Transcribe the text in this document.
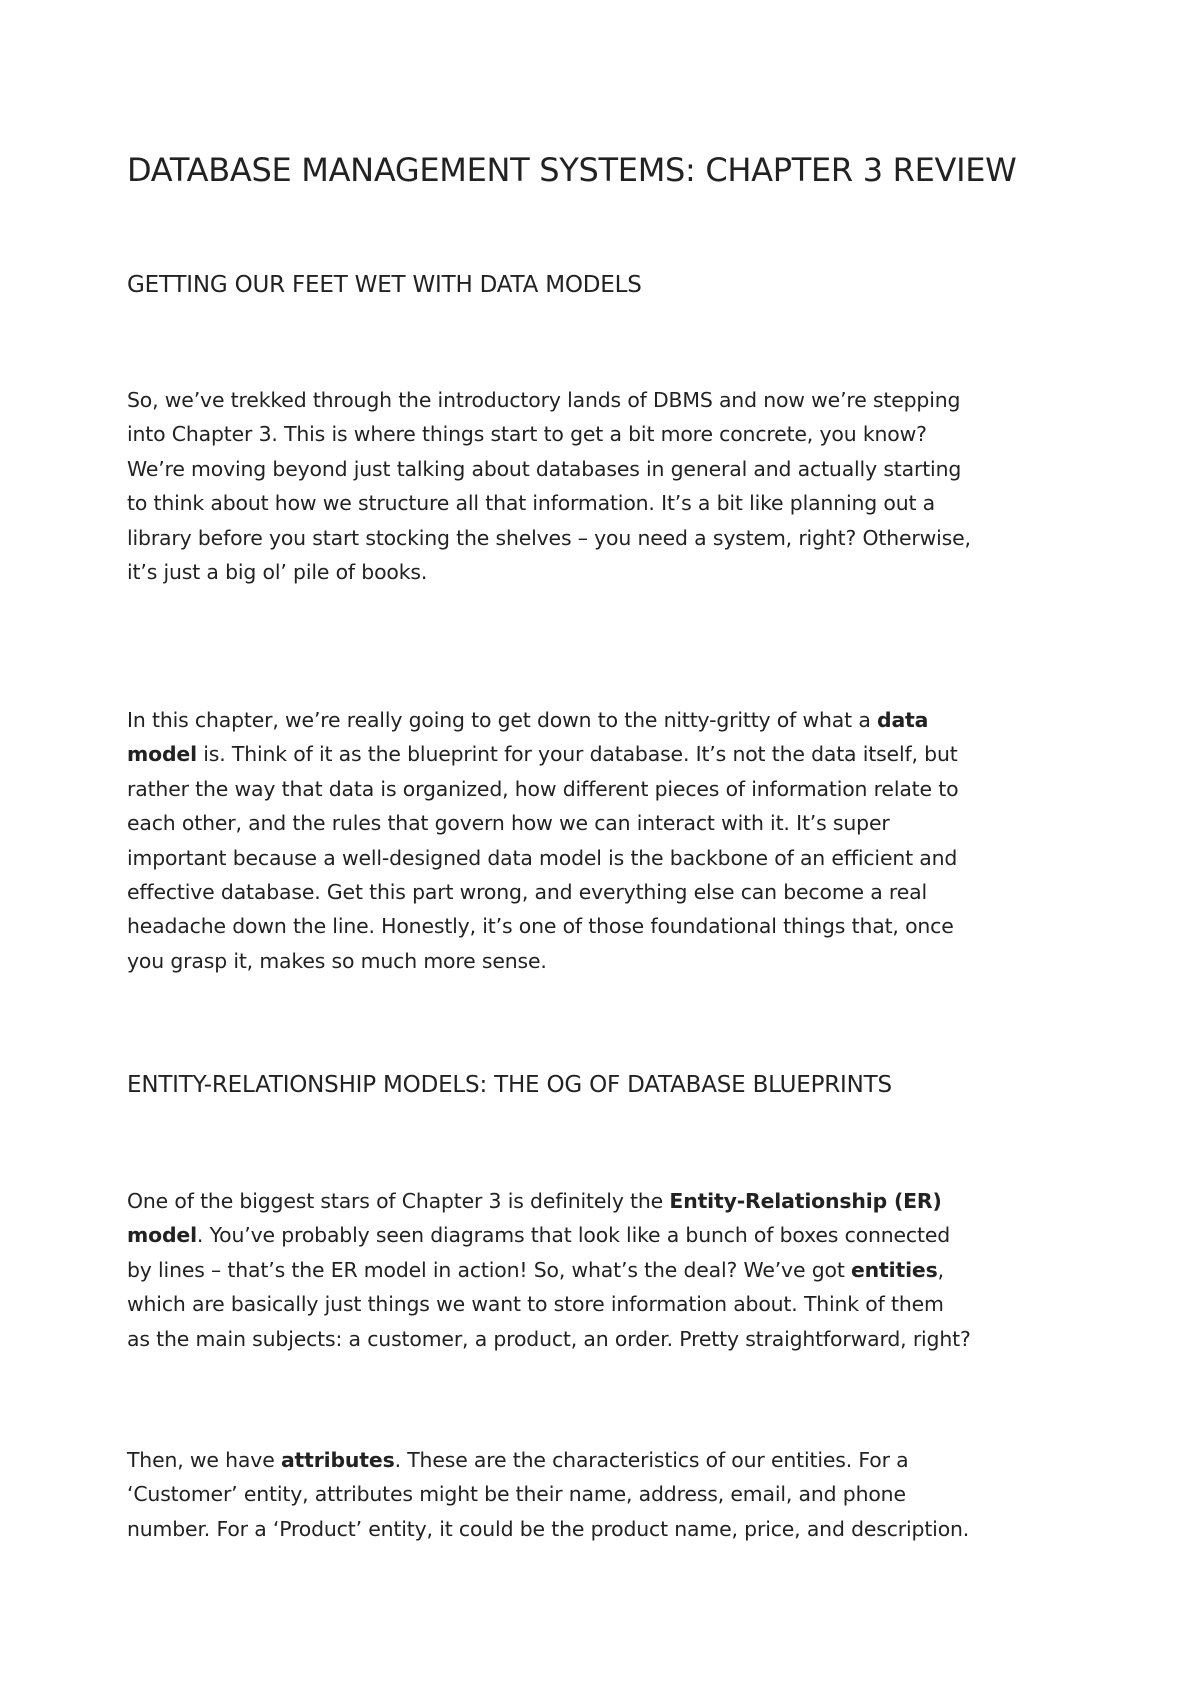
DATABASE MANAGEMENT SYSTEMS: CHAPTER 3 REVIEW
GETTING OUR FEET WET WITH DATA MODELS

So, we’ve trekked through the introductory lands of DBMS and now we’re stepping
into Chapter 3. This is where things start to get a bit more concrete, you know?
We’re moving beyond just talking about databases in general and actually starting
to think about how we structure all that information. It’s a bit like planning out a
library before you start stocking the shelves – you need a system, right? Otherwise,
it’s just a big ol’ pile of books.

In this chapter, we’re really going to get down to the nitty-gritty of what a data
model is. Think of it as the blueprint for your database. It’s not the data itself, but
rather the way that data is organized, how different pieces of information relate to
each other, and the rules that govern how we can interact with it. It’s super
important because a well-designed data model is the backbone of an efficient and
effective database. Get this part wrong, and everything else can become a real
headache down the line. Honestly, it’s one of those foundational things that, once
you grasp it, makes so much more sense.

ENTITY-RELATIONSHIP MODELS: THE OG OF DATABASE BLUEPRINTS

One of the biggest stars of Chapter 3 is definitely the Entity-Relationship (ER)
model. You’ve probably seen diagrams that look like a bunch of boxes connected
by lines – that’s the ER model in action! So, what’s the deal? We’ve got entities,
which are basically just things we want to store information about. Think of them
as the main subjects: a customer, a product, an order. Pretty straightforward, right?

Then, we have attributes. These are the characteristics of our entities. For a
‘Customer’ entity, attributes might be their name, address, email, and phone
number. For a ‘Product’ entity, it could be the product name, price, and description.
